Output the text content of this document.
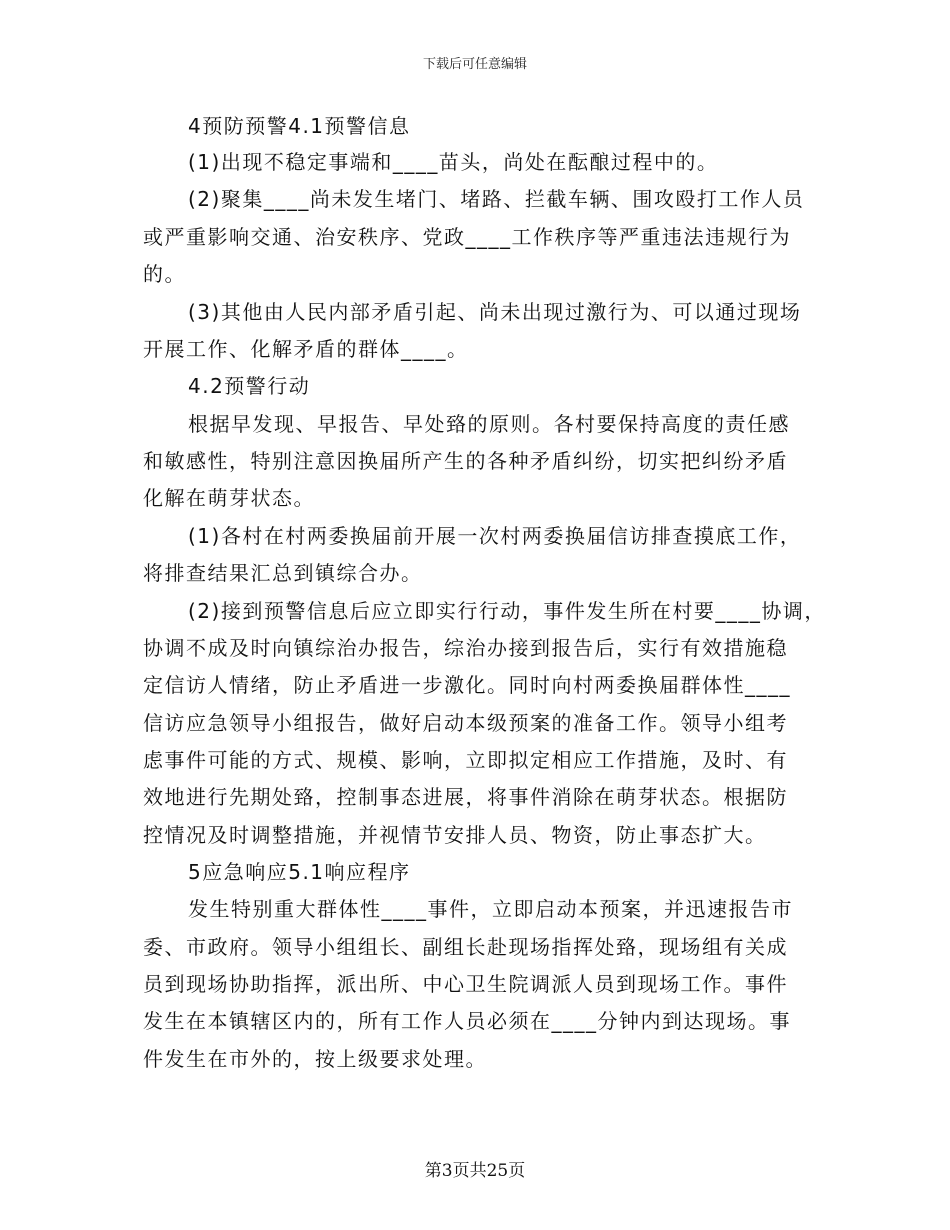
下载后可任意编辑
4预防预警4.1预警信息
(1)出现不稳定事端和____苗头，尚处在酝酿过程中的。
(2)聚集____尚未发生堵门、堵路、拦截车辆、围攻殴打工作人员
或严重影响交通、治安秩序、党政____工作秩序等严重违法违规行为
的。
(3)其他由人民内部矛盾引起、尚未出现过激行为、可以通过现场
开展工作、化解矛盾的群体____。
4.2预警行动
根据早发现、早报告、早处臵的原则。各村要保持高度的责任感
和敏感性，特别注意因换届所产生的各种矛盾纠纷，切实把纠纷矛盾
化解在萌芽状态。
(1)各村在村两委换届前开展一次村两委换届信访排查摸底工作，
将排查结果汇总到镇综合办。
(2)接到预警信息后应立即实行行动，事件发生所在村要____协调，
协调不成及时向镇综治办报告，综治办接到报告后，实行有效措施稳
定信访人情绪，防止矛盾进一步激化。同时向村两委换届群体性____
信访应急领导小组报告，做好启动本级预案的准备工作。领导小组考
虑事件可能的方式、规模、影响，立即拟定相应工作措施，及时、有
效地进行先期处臵，控制事态进展，将事件消除在萌芽状态。根据防
控情况及时调整措施，并视情节安排人员、物资，防止事态扩大。
5应急响应5.1响应程序
发生特别重大群体性____事件，立即启动本预案，并迅速报告市
委、市政府。领导小组组长、副组长赴现场指挥处臵，现场组有关成
员到现场协助指挥，派出所、中心卫生院调派人员到现场工作。事件
发生在本镇辖区内的，所有工作人员必须在____分钟内到达现场。事
件发生在市外的，按上级要求处理。
第3页共25页
